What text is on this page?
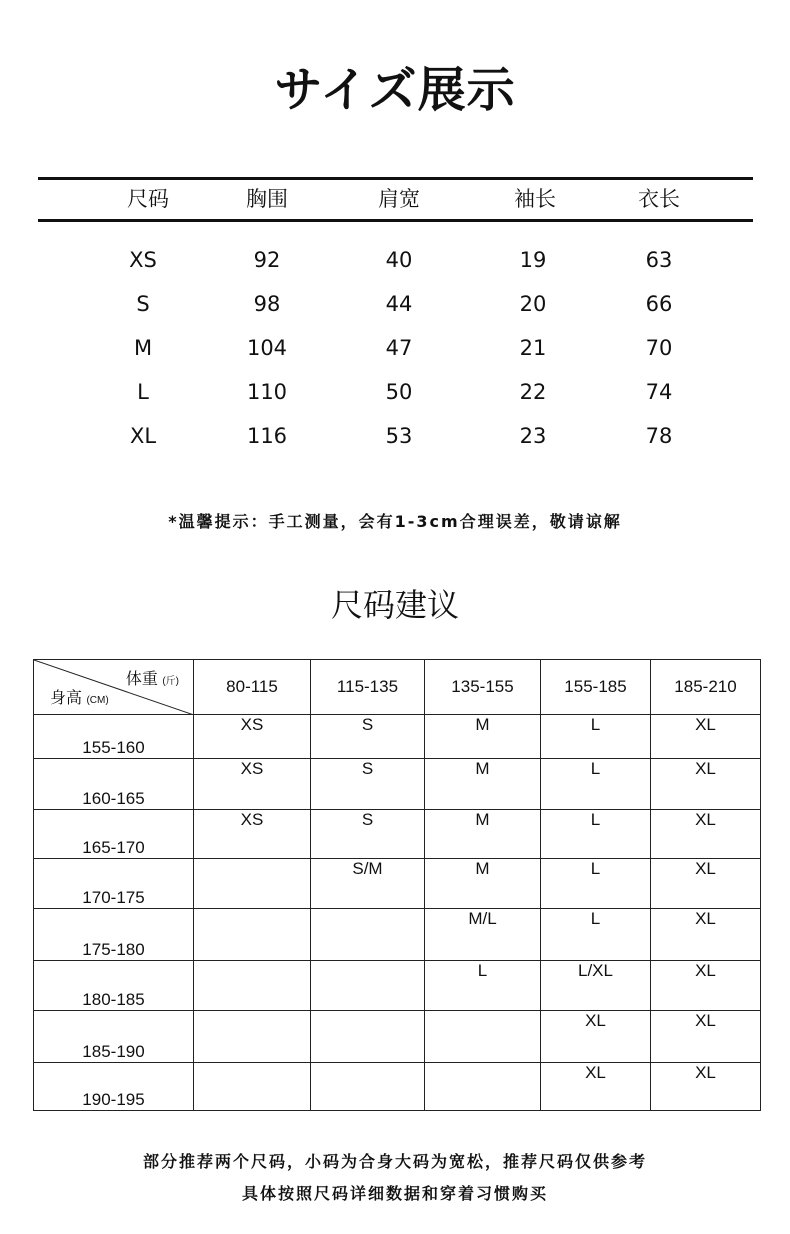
サイズ展示
尺码	胸围	肩宽	袖长	衣长
XS	92	40	19	63
S	98	44	20	66
M	104	47	21	70
L	110	50	22	74
XL	116	53	23	78
*温馨提示：手工测量，会有1-3cm合理误差，敬请谅解
尺码建议
体重 (斤)
身高 (CM)	80-115	115-135	135-155	155-185	185-210
155-160	XS	S	M	L	XL
160-165	XS	S	M	L	XL
165-170	XS	S	M	L	XL
170-175		S/M	M	L	XL
175-180			M/L	L	XL
180-185			L	L/XL	XL
185-190				XL	XL
190-195				XL	XL
部分推荐两个尺码，小码为合身大码为宽松，推荐尺码仅供参考
具体按照尺码详细数据和穿着习惯购买
